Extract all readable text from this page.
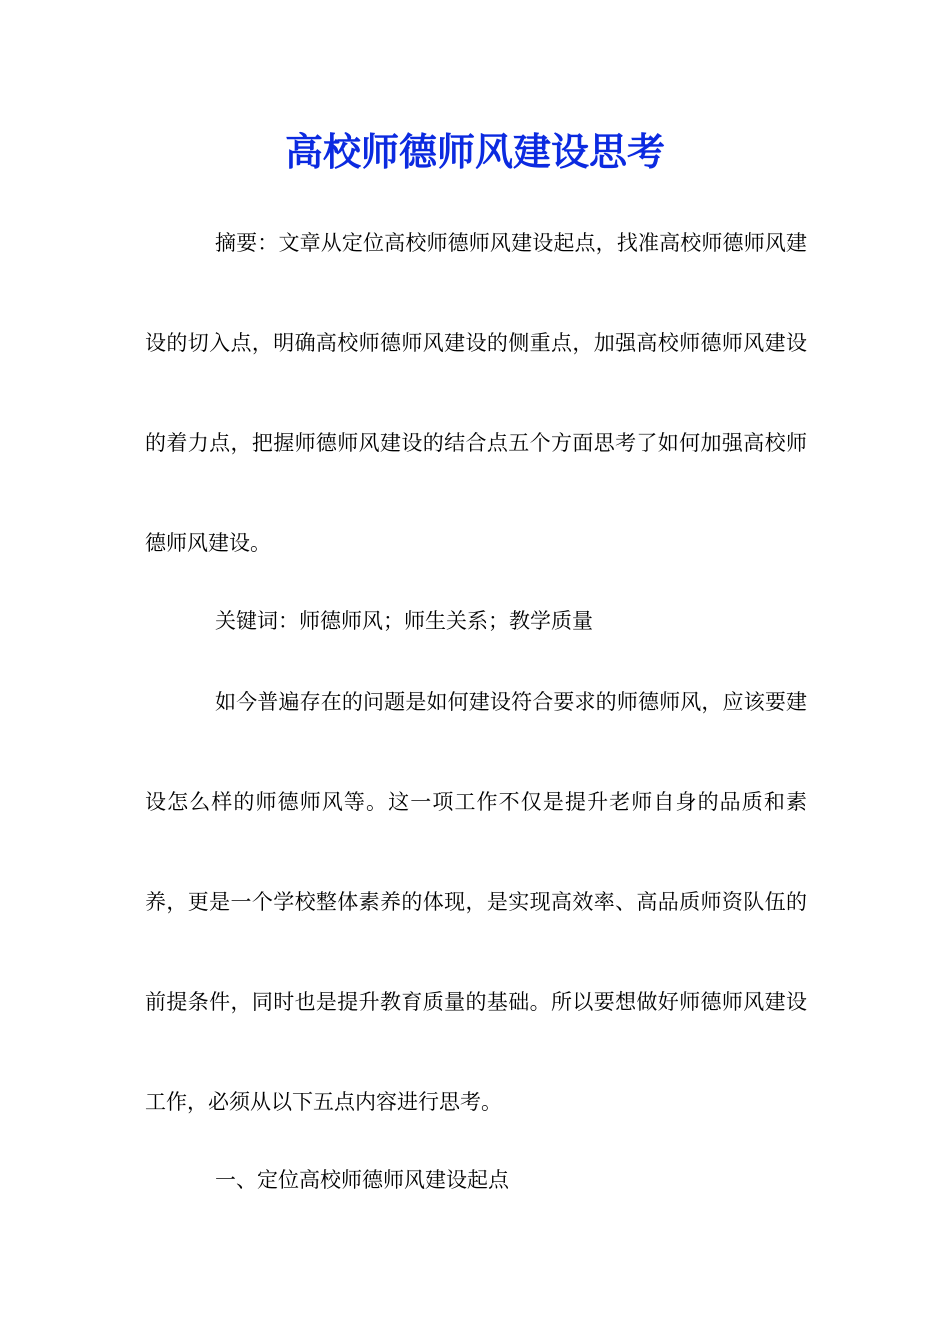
高校师德师风建设思考

摘要：文章从定位高校师德师风建设起点，找准高校师德师风建设的切入点，明确高校师德师风建设的侧重点，加强高校师德师风建设的着力点，把握师德师风建设的结合点五个方面思考了如何加强高校师德师风建设。

关键词：师德师风；师生关系；教学质量

如今普遍存在的问题是如何建设符合要求的师德师风，应该要建设怎么样的师德师风等。这一项工作不仅是提升老师自身的品质和素养，更是一个学校整体素养的体现，是实现高效率、高品质师资队伍的前提条件，同时也是提升教育质量的基础。所以要想做好师德师风建设工作，必须从以下五点内容进行思考。

一、定位高校师德师风建设起点
